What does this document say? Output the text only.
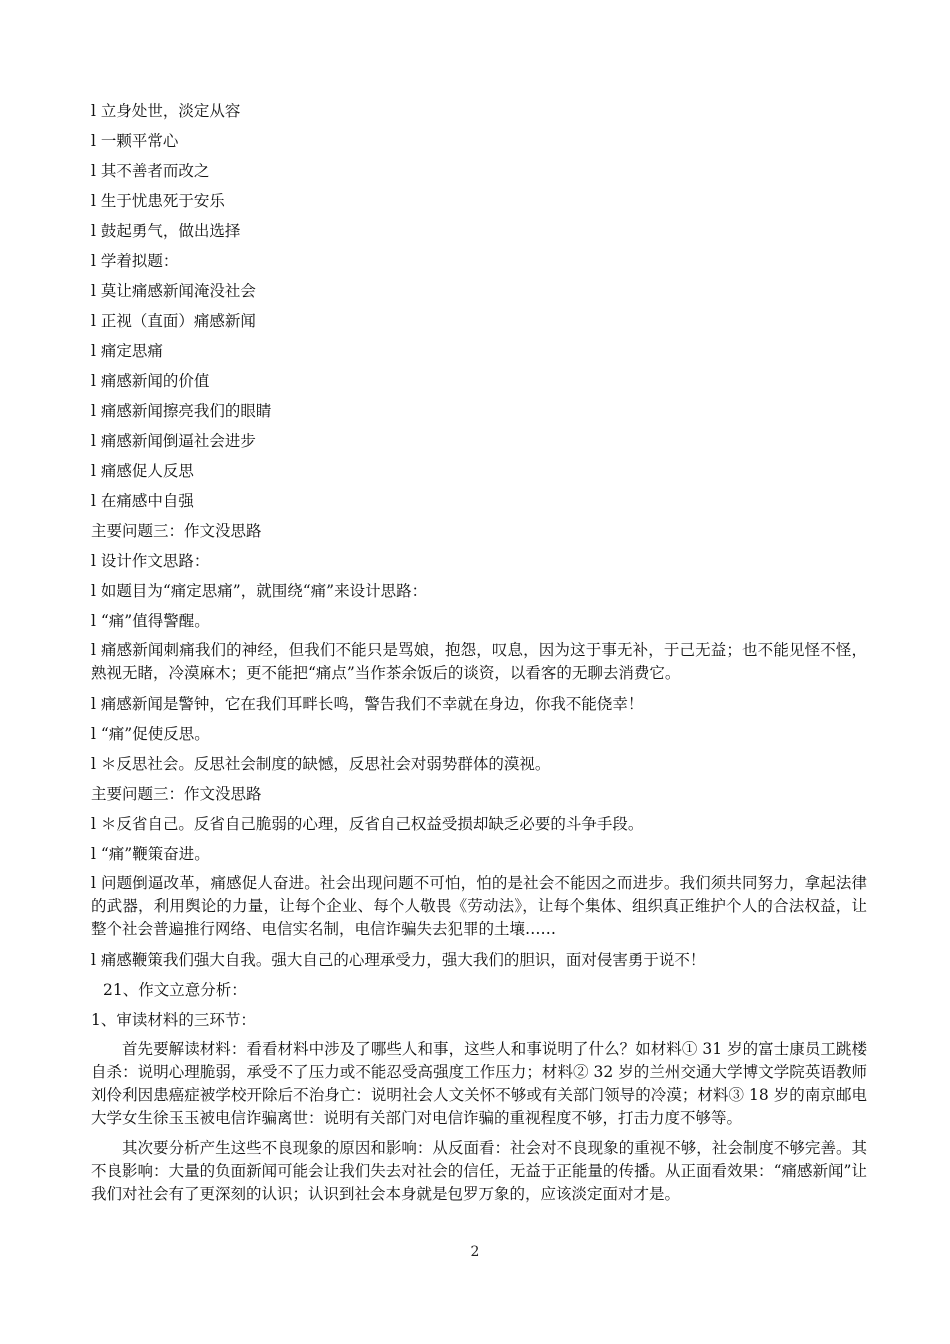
l 立身处世，淡定从容
l 一颗平常心
l 其不善者而改之
l 生于忧患死于安乐
l 鼓起勇气，做出选择
l 学着拟题：
l 莫让痛感新闻淹没社会
l 正视（直面）痛感新闻
l 痛定思痛
l 痛感新闻的价值
l 痛感新闻擦亮我们的眼睛
l 痛感新闻倒逼社会进步
l 痛感促人反思
l 在痛感中自强
主要问题三：作文没思路
l 设计作文思路：
l 如题目为“痛定思痛”，就围绕“痛”来设计思路：
l “痛”值得警醒。
l 痛感新闻刺痛我们的神经，但我们不能只是骂娘，抱怨，叹息，因为这于事无补，于己无益；也不能见怪不怪，熟视无睹，冷漠麻木；更不能把“痛点”当作茶余饭后的谈资，以看客的无聊去消费它。
l 痛感新闻是警钟，它在我们耳畔长鸣，警告我们不幸就在身边，你我不能侥幸！
l “痛”促使反思。
l ＊反思社会。反思社会制度的缺憾，反思社会对弱势群体的漠视。
主要问题三：作文没思路
l ＊反省自己。反省自己脆弱的心理，反省自己权益受损却缺乏必要的斗争手段。
l “痛”鞭策奋进。
l 问题倒逼改革，痛感促人奋进。社会出现问题不可怕，怕的是社会不能因之而进步。我们须共同努力，拿起法律的武器，利用舆论的力量，让每个企业、每个人敬畏《劳动法》，让每个集体、组织真正维护个人的合法权益，让整个社会普遍推行网络、电信实名制，电信诈骗失去犯罪的土壤……
l 痛感鞭策我们强大自我。强大自己的心理承受力，强大我们的胆识，面对侵害勇于说不！
21、作文立意分析：
1、审读材料的三环节：
首先要解读材料：看看材料中涉及了哪些人和事，这些人和事说明了什么？如材料① 31 岁的富士康员工跳楼自杀：说明心理脆弱，承受不了压力或不能忍受高强度工作压力；材料② 32 岁的兰州交通大学博文学院英语教师刘伶利因患癌症被学校开除后不治身亡：说明社会人文关怀不够或有关部门领导的冷漠；材料③ 18 岁的南京邮电大学女生徐玉玉被电信诈骗离世：说明有关部门对电信诈骗的重视程度不够，打击力度不够等。
其次要分析产生这些不良现象的原因和影响：从反面看：社会对不良现象的重视不够，社会制度不够完善。其不良影响：大量的负面新闻可能会让我们失去对社会的信任，无益于正能量的传播。从正面看效果：“痛感新闻”让我们对社会有了更深刻的认识；认识到社会本身就是包罗万象的，应该淡定面对才是。
2
